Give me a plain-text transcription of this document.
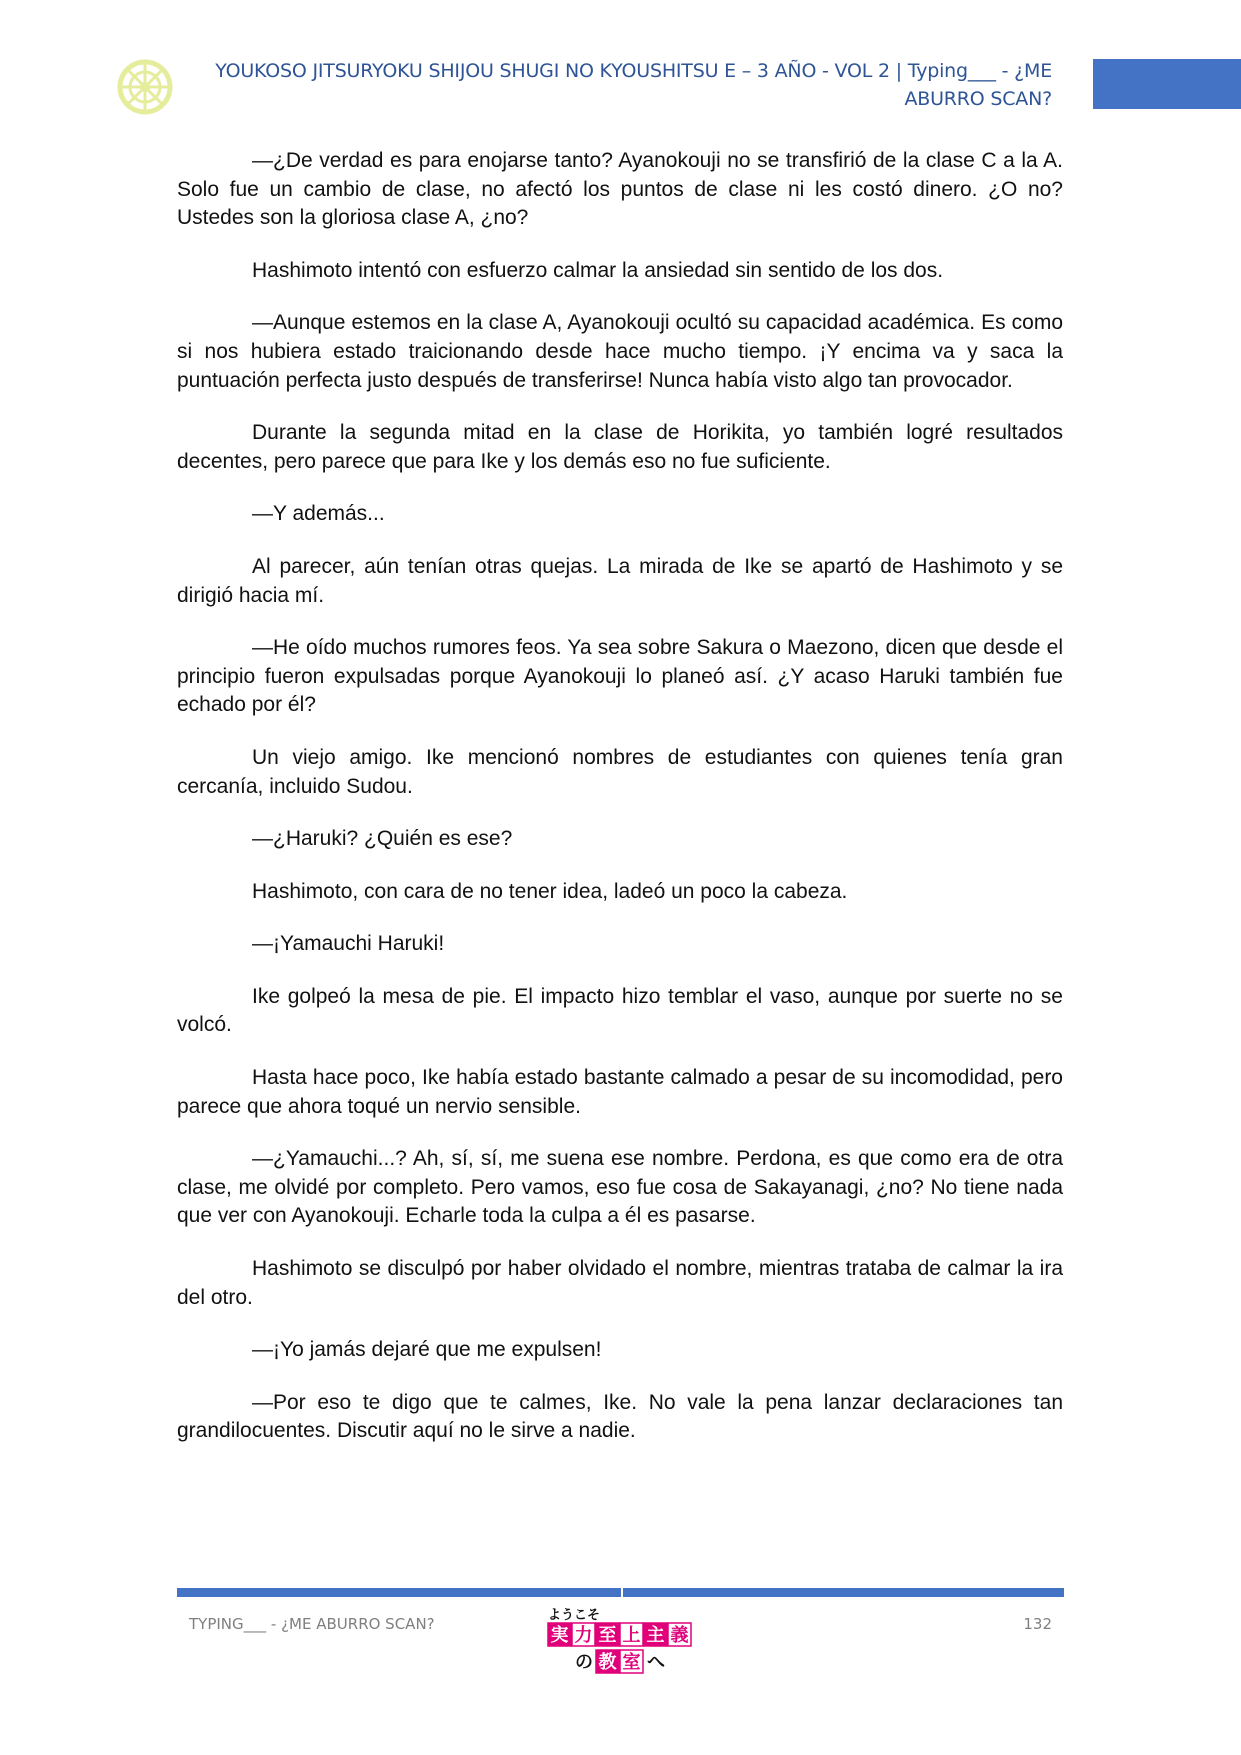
YOUKOSO JITSURYOKU SHIJOU SHUGI NO KYOUSHITSU E – 3 AÑO - VOL 2 | Typing___ - ¿ME
ABURRO SCAN?

—¿De verdad es para enojarse tanto? Ayanokouji no se transfirió de la clase C a la A. Solo fue un cambio de clase, no afectó los puntos de clase ni les costó dinero. ¿O no? Ustedes son la gloriosa clase A, ¿no?

Hashimoto intentó con esfuerzo calmar la ansiedad sin sentido de los dos.

—Aunque estemos en la clase A, Ayanokouji ocultó su capacidad académica. Es como si nos hubiera estado traicionando desde hace mucho tiempo. ¡Y encima va y saca la puntuación perfecta justo después de transferirse! Nunca había visto algo tan provocador.

Durante la segunda mitad en la clase de Horikita, yo también logré resultados decentes, pero parece que para Ike y los demás eso no fue suficiente.

—Y además...

Al parecer, aún tenían otras quejas. La mirada de Ike se apartó de Hashimoto y se dirigió hacia mí.

—He oído muchos rumores feos. Ya sea sobre Sakura o Maezono, dicen que desde el principio fueron expulsadas porque Ayanokouji lo planeó así. ¿Y acaso Haruki también fue echado por él?

Un viejo amigo. Ike mencionó nombres de estudiantes con quienes tenía gran cercanía, incluido Sudou.

—¿Haruki? ¿Quién es ese?

Hashimoto, con cara de no tener idea, ladeó un poco la cabeza.

—¡Yamauchi Haruki!

Ike golpeó la mesa de pie. El impacto hizo temblar el vaso, aunque por suerte no se volcó.

Hasta hace poco, Ike había estado bastante calmado a pesar de su incomodidad, pero parece que ahora toqué un nervio sensible.

—¿Yamauchi...? Ah, sí, sí, me suena ese nombre. Perdona, es que como era de otra clase, me olvidé por completo. Pero vamos, eso fue cosa de Sakayanagi, ¿no? No tiene nada que ver con Ayanokouji. Echarle toda la culpa a él es pasarse.

Hashimoto se disculpó por haber olvidado el nombre, mientras trataba de calmar la ira del otro.

—¡Yo jamás dejaré que me expulsen!

—Por eso te digo que te calmes, Ike. No vale la pena lanzar declaraciones tan grandilocuentes. Discutir aquí no le sirve a nadie.

TYPING___ - ¿ME ABURRO SCAN?	ようこそ
実 力 至 上 主 義
の 教 室 へ
132
